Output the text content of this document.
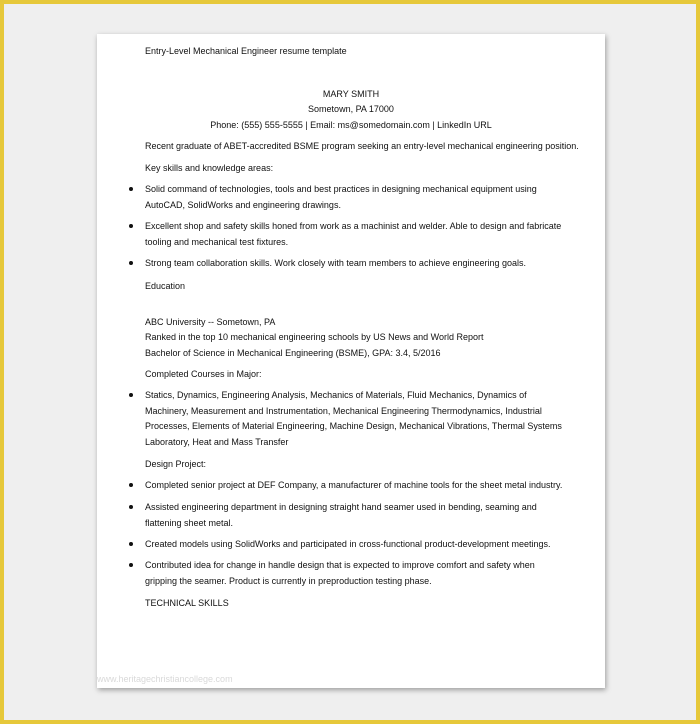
Entry-Level Mechanical Engineer resume template
MARY SMITH
Sometown, PA 17000
Phone: (555) 555-5555 | Email: ms@somedomain.com | LinkedIn URL
Recent graduate of ABET-accredited BSME program seeking an entry-level mechanical engineering position.
Key skills and knowledge areas:
Solid command of technologies, tools and best practices in designing mechanical equipment using AutoCAD, SolidWorks and engineering drawings.
Excellent shop and safety skills honed from work as a machinist and welder. Able to design and fabricate tooling and mechanical test fixtures.
Strong team collaboration skills. Work closely with team members to achieve engineering goals.
Education
ABC University -- Sometown, PA
Ranked in the top 10 mechanical engineering schools by US News and World Report
Bachelor of Science in Mechanical Engineering (BSME), GPA: 3.4, 5/2016
Completed Courses in Major:
Statics, Dynamics, Engineering Analysis, Mechanics of Materials, Fluid Mechanics, Dynamics of Machinery, Measurement and Instrumentation, Mechanical Engineering Thermodynamics, Industrial Processes, Elements of Material Engineering, Machine Design, Mechanical Vibrations, Thermal Systems Laboratory, Heat and Mass Transfer
Design Project:
Completed senior project at DEF Company, a manufacturer of machine tools for the sheet metal industry.
Assisted engineering department in designing straight hand seamer used in bending, seaming and flattening sheet metal.
Created models using SolidWorks and participated in cross-functional product-development meetings.
Contributed idea for change in handle design that is expected to improve comfort and safety when gripping the seamer. Product is currently in preproduction testing phase.
TECHNICAL SKILLS
www.heritagechristiancollege.com
